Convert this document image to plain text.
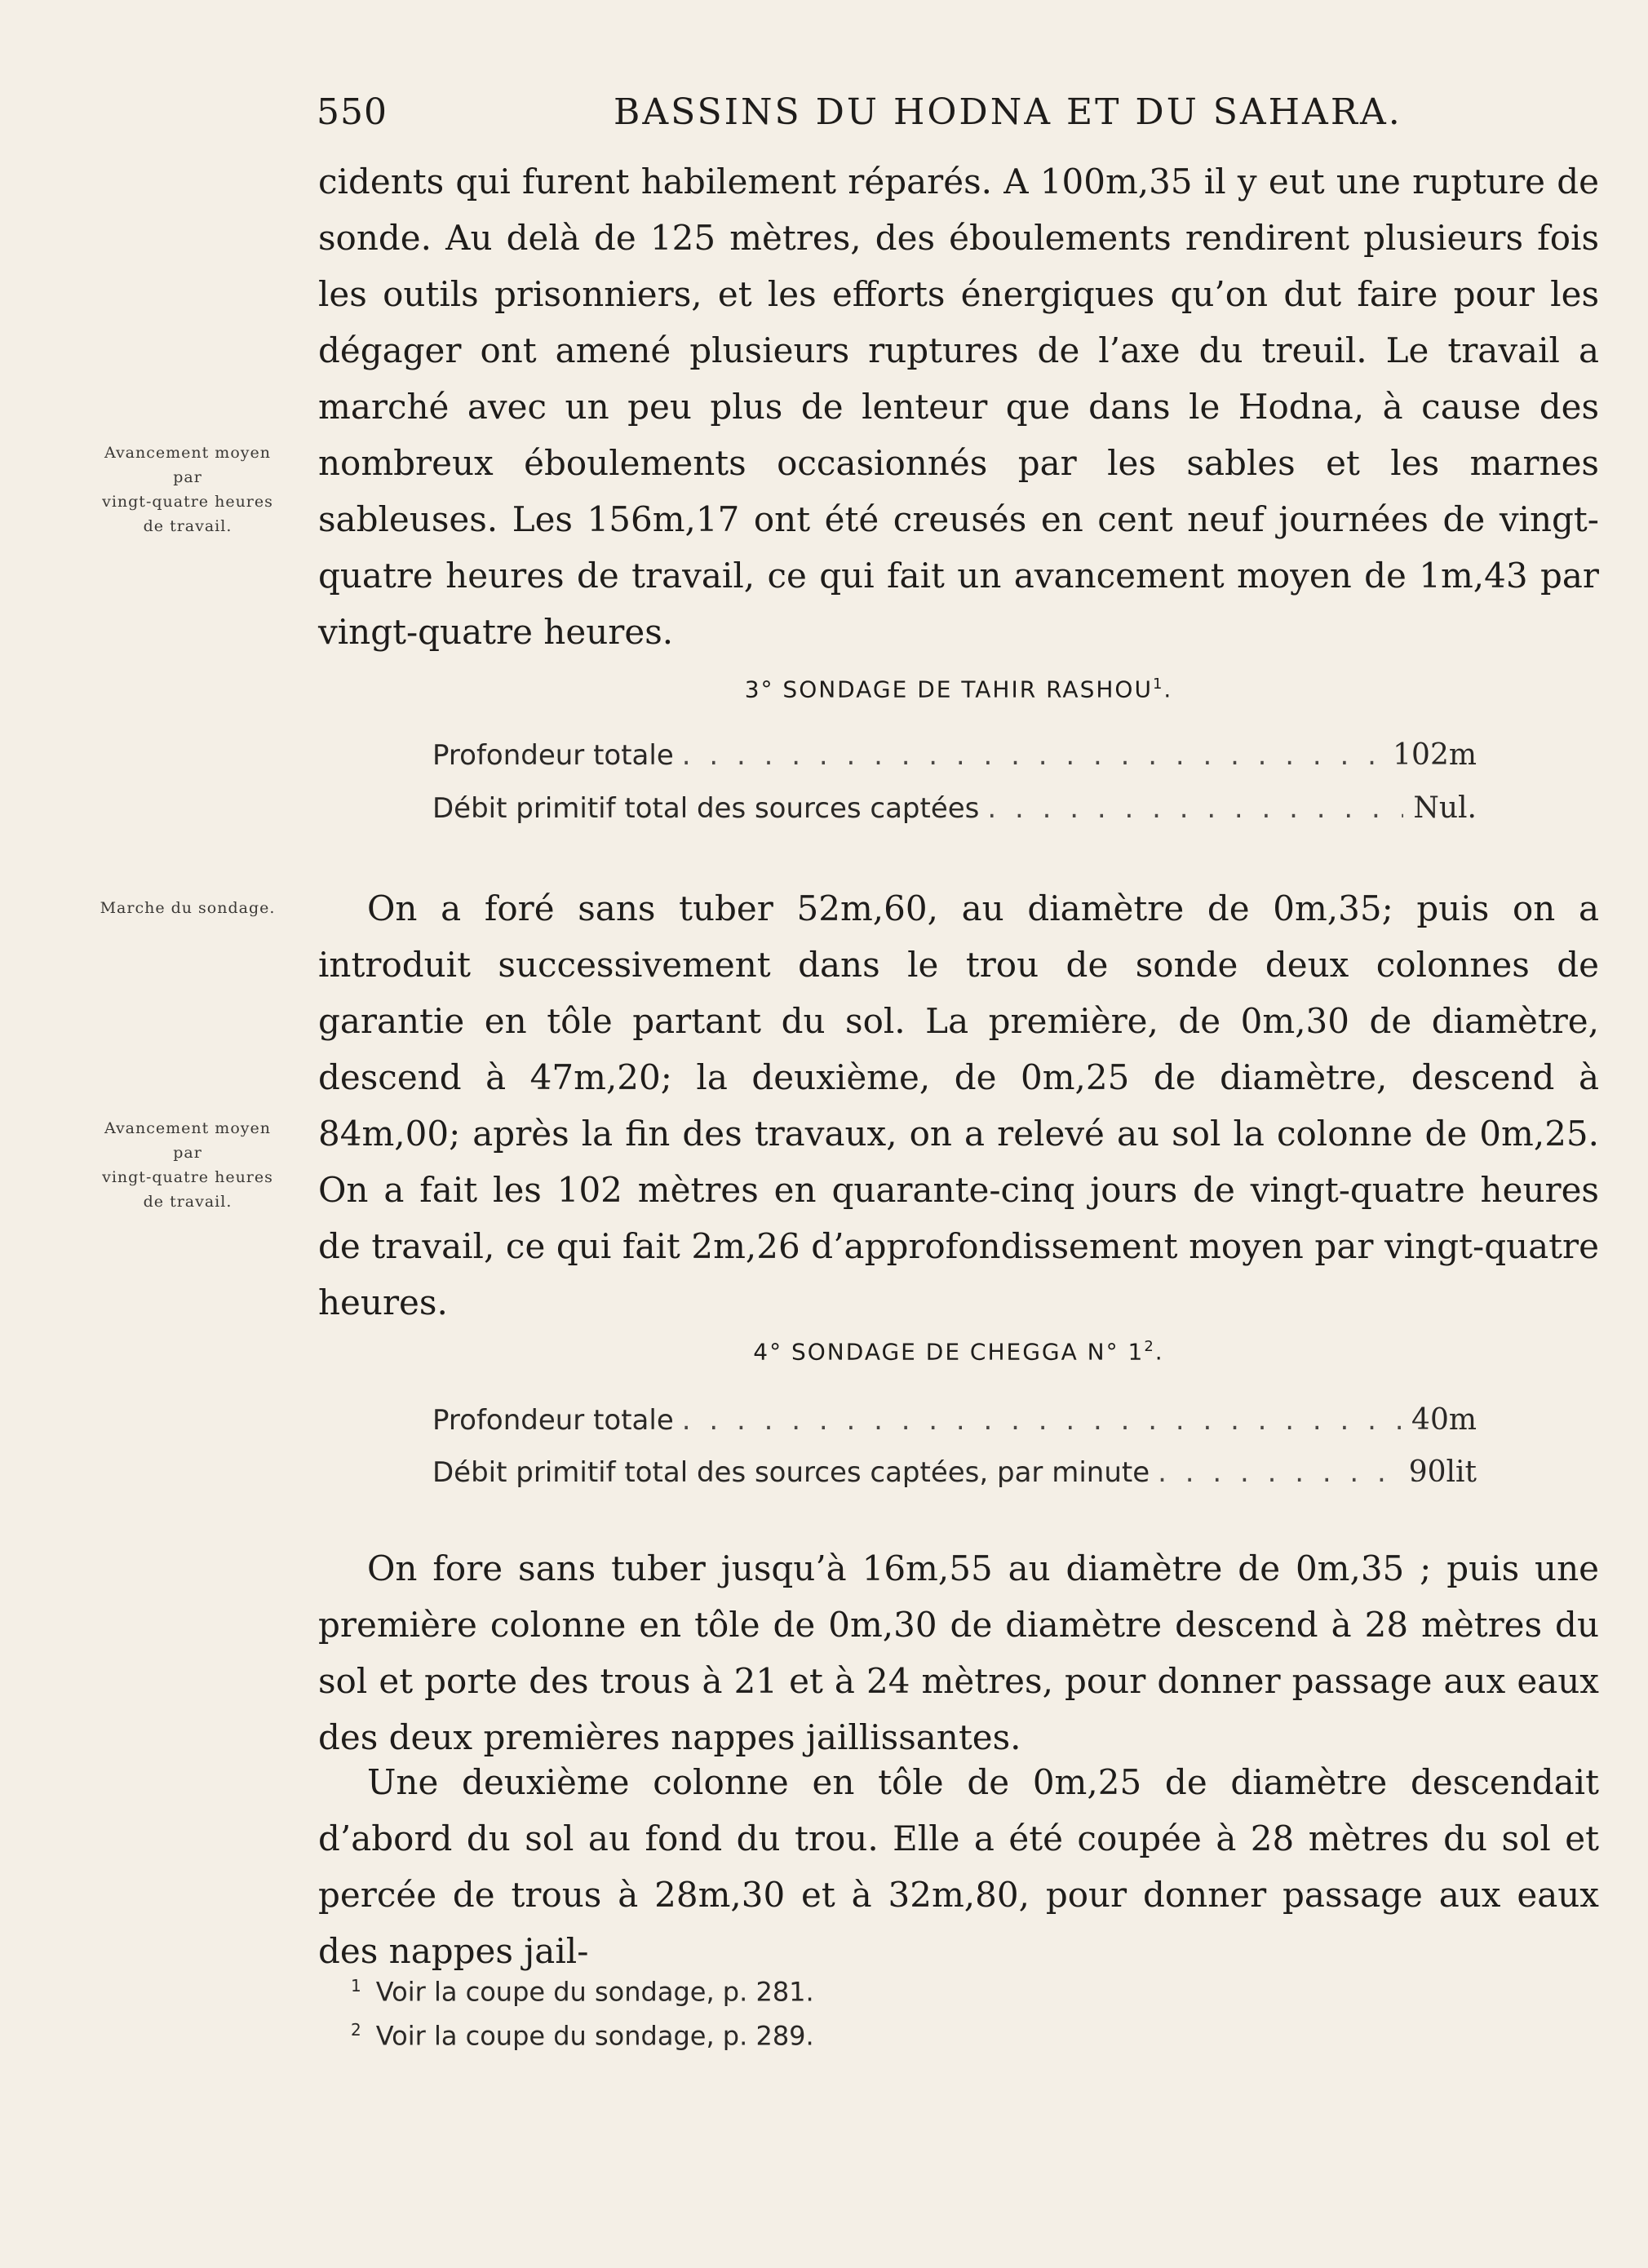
550	BASSINS DU HODNA ET DU SAHARA.

cidents qui furent habilement réparés. A 100m,35 il y eut une rupture de sonde. Au delà de 125 mètres, des éboulements rendirent plusieurs fois les outils prisonniers, et les efforts énergiques qu’on dut faire pour les dégager ont amené plusieurs ruptures de l’axe du treuil. Le travail a marché avec un peu plus de lenteur que dans le Hodna, à cause des nombreux éboulements occasionnés par les sables et les marnes sableuses. Les 156m,17 ont été creusés en cent neuf journées de vingt-quatre heures de travail, ce qui fait un avancement moyen de 1m,43 par vingt-quatre heures.

Avancement moyen
par
vingt-quatre heures
de travail.
3° SONDAGE DE TAHIR RASHOU$^1$.
Profondeur totale . . .	102m
Débit primitif total des sources captées . . .	Nul.
Marche du sondage.	On a foré sans tuber 52m,60, au diamètre de 0m,35; puis on a introduit successivement dans le trou de sonde deux colonnes de garantie en tôle partant du sol. La première, de 0m,30 de diamètre, descend à 47m,20; la deuxième, de 0m,25 de diamètre, descend à 84m,00; après la fin des travaux, on a relevé au sol la colonne de 0m,25. On a fait les 102 mètres en quarante-cinq jours de vingt-quatre heures de travail, ce qui fait 2m,26 d’approfondissement moyen par vingt-quatre heures.

Avancement moyen
par
vingt-quatre heures
de travail.
4° SONDAGE DE CHEGGA N° $1^2$.
Profondeur totale . . .	40m
Débit primitif total des sources captées, par minute . . .	90lit

On fore sans tuber jusqu’à 16m,55 au diamètre de 0m,35 ; puis une première colonne en tôle de 0m,30 de diamètre descend à 28 mètres du sol et porte des trous à 21 et à 24 mètres, pour donner passage aux eaux des deux premières nappes jaillissantes.

Une deuxième colonne en tôle de 0m,25 de diamètre descendait d’abord du sol au fond du trou. Elle a été coupée à 28 mètres du sol et percée de trous à 28m,30 et à 32m,80, pour donner passage aux eaux des nappes jail-

$^1$ Voir la coupe du sondage, p. 281.
$^2$ Voir la coupe du sondage, p. 289.
